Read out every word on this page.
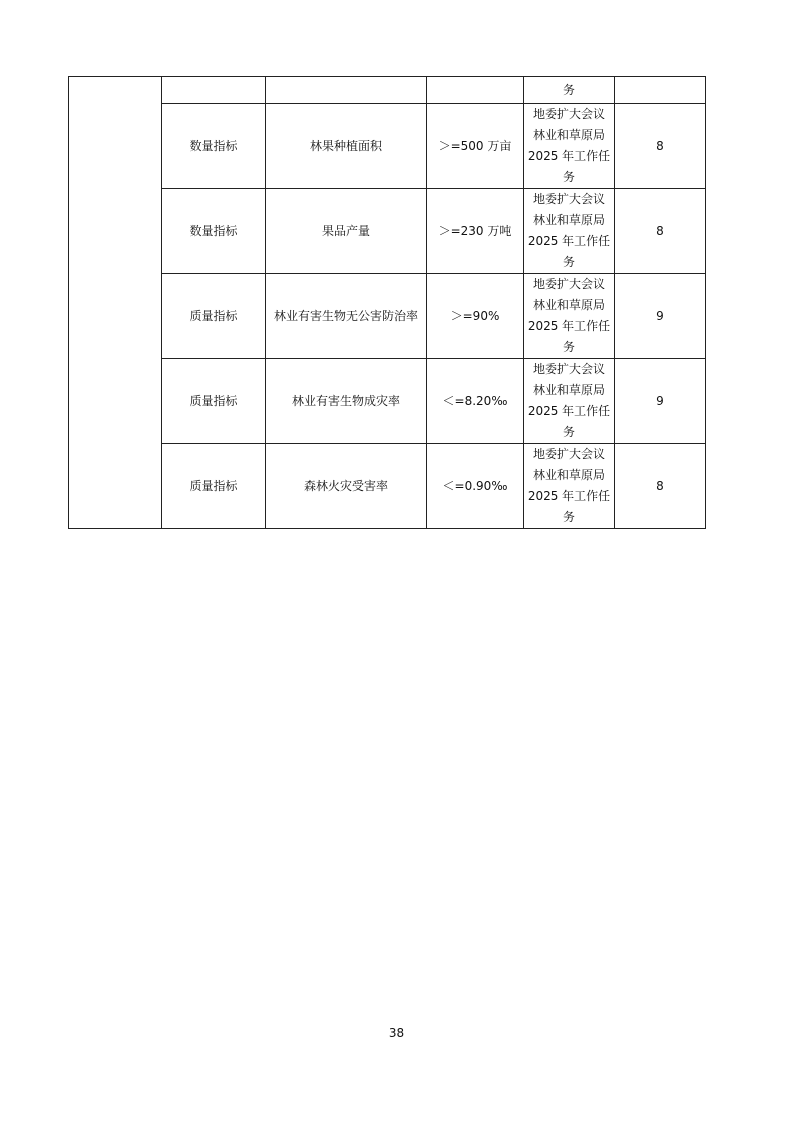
				务	

	数量指标	林果种植面积	＞=500 万亩	地委扩大会议
林业和草原局
2025 年工作任
务	8
	数量指标	果品产量	＞=230 万吨	地委扩大会议
林业和草原局
2025 年工作任
务	8
	质量指标	林业有害生物无公害防治率	＞=90%	地委扩大会议
林业和草原局
2025 年工作任
务	9
	质量指标	林业有害生物成灾率	＜=8.20‰	地委扩大会议
林业和草原局
2025 年工作任
务	9
	质量指标	森林火灾受害率	＜=0.90‰	地委扩大会议
林业和草原局
2025 年工作任
务	8
38
